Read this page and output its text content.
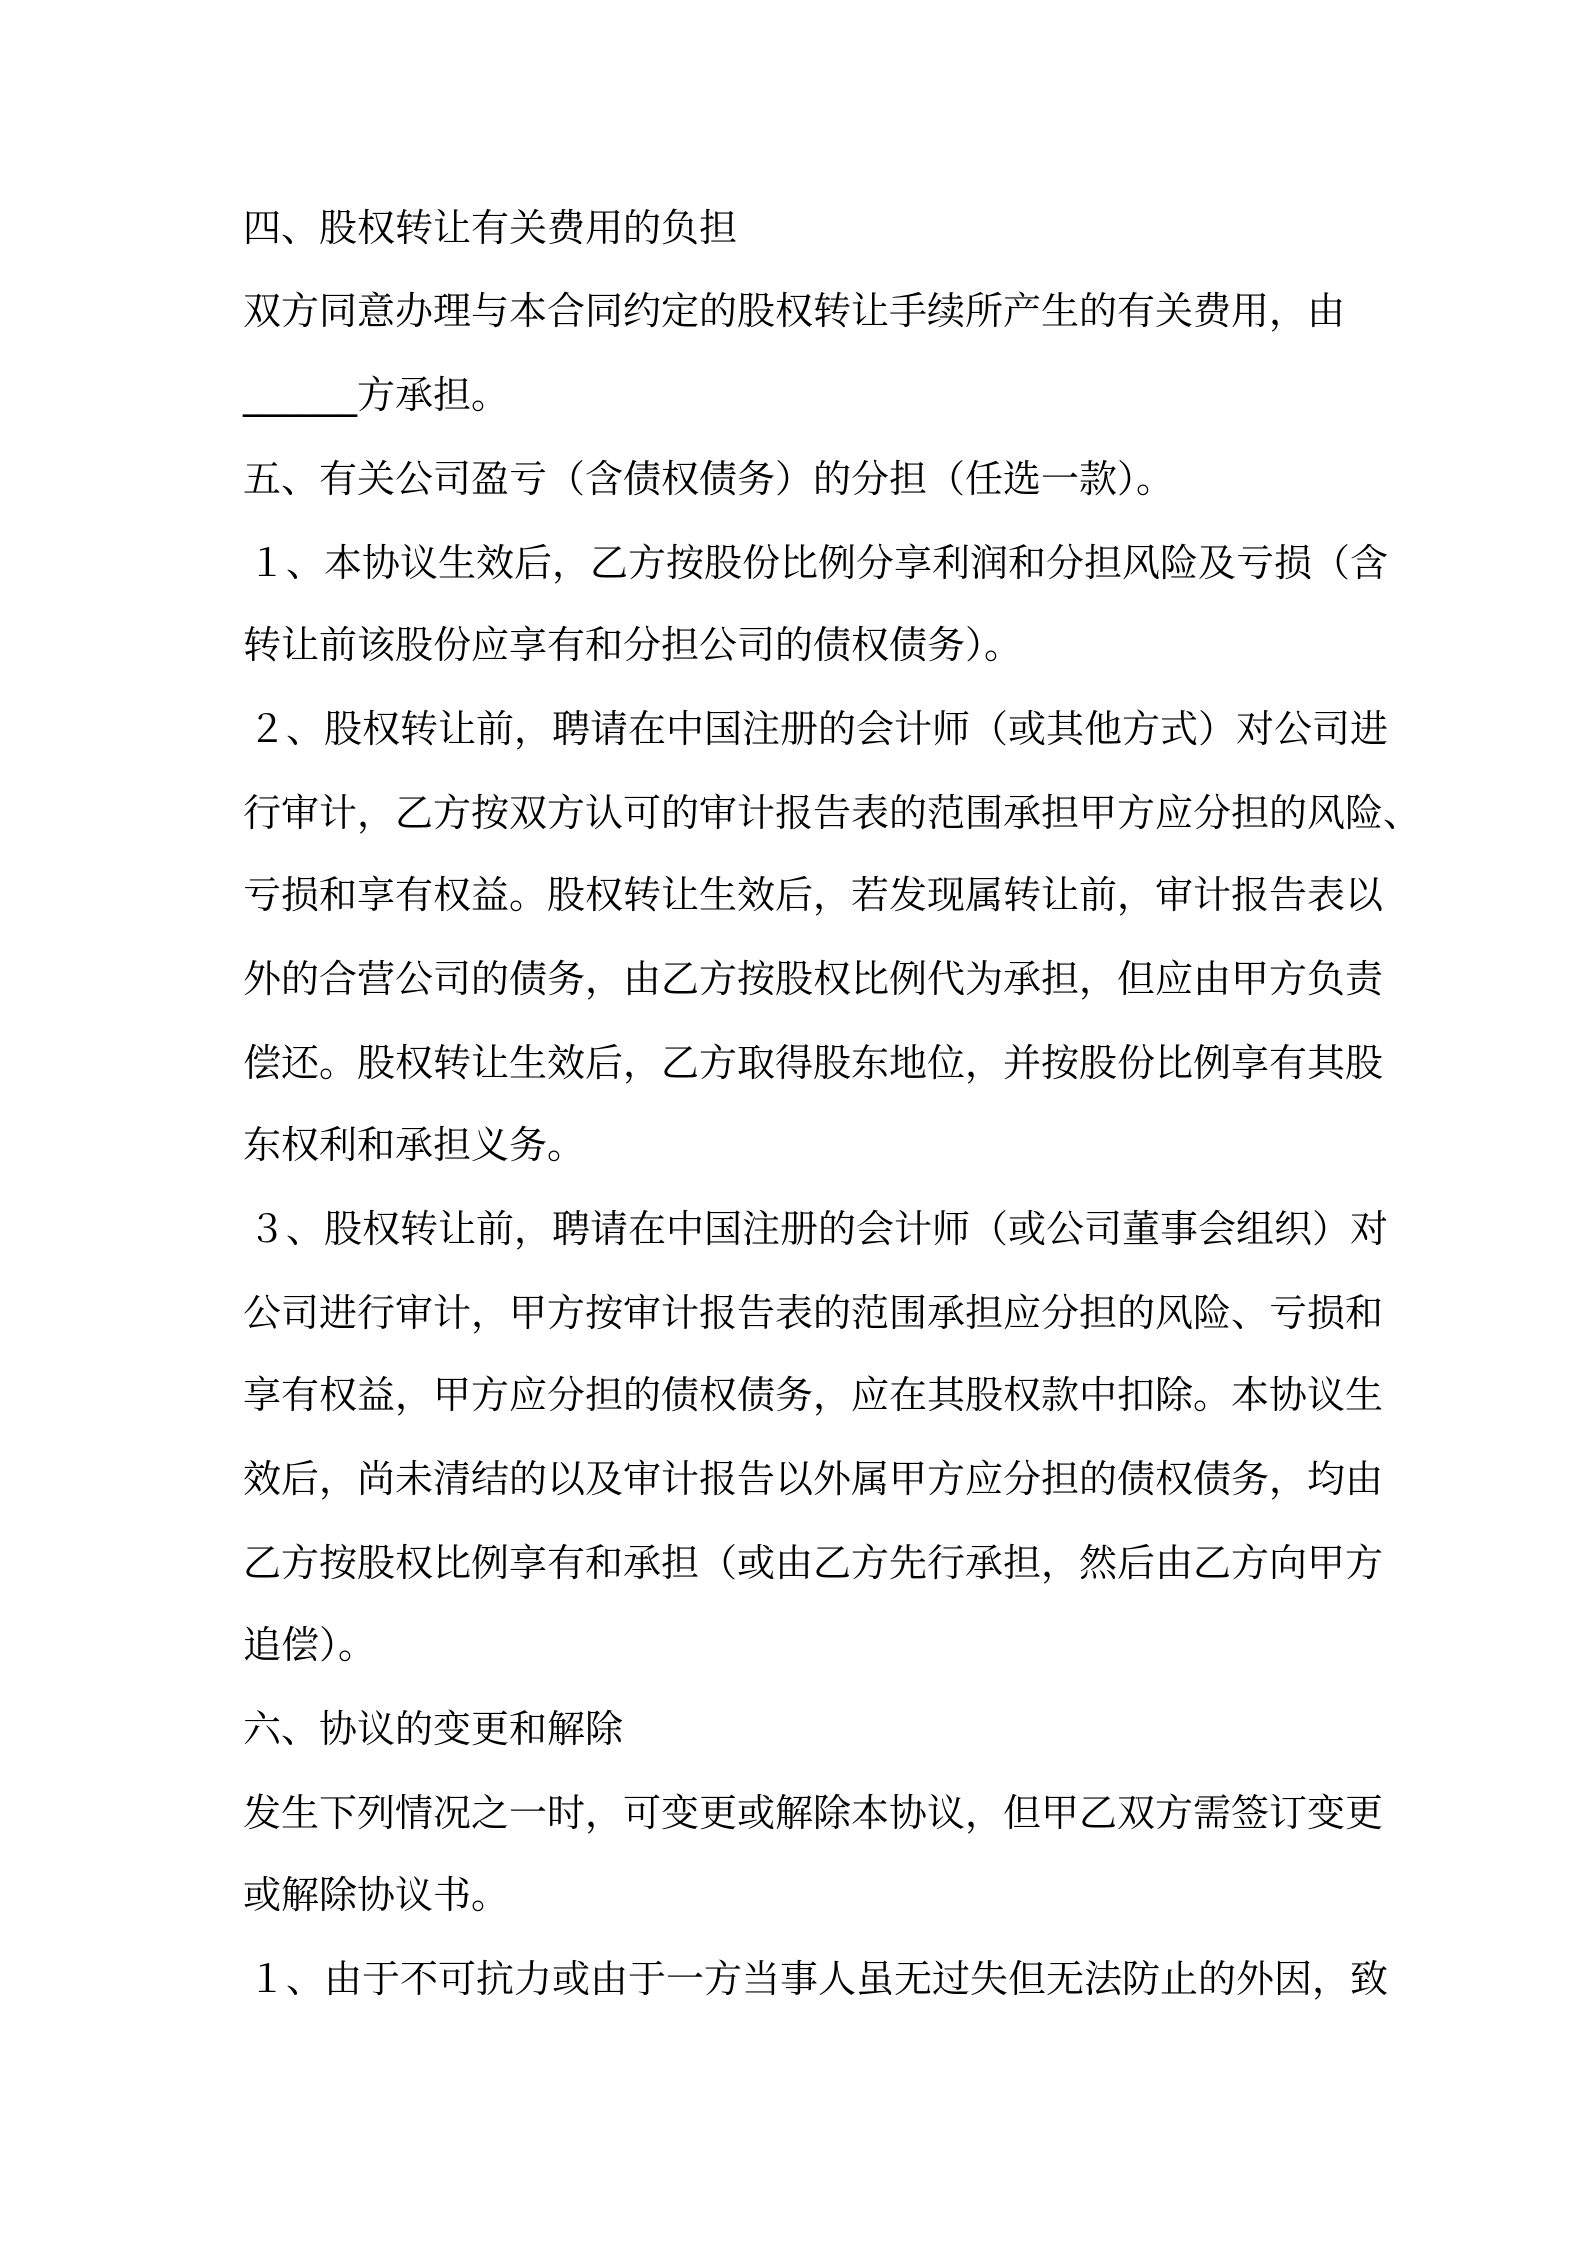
四、股权转让有关费用的负担
双方同意办理与本合同约定的股权转让手续所产生的有关费用，由
______方承担。
五、有关公司盈亏（含债权债务）的分担（任选一款）。
１、本协议生效后，乙方按股份比例分享利润和分担风险及亏损（含
转让前该股份应享有和分担公司的债权债务）。
２、股权转让前，聘请在中国注册的会计师（或其他方式）对公司进
行审计，乙方按双方认可的审计报告表的范围承担甲方应分担的风险、
亏损和享有权益。股权转让生效后，若发现属转让前，审计报告表以
外的合营公司的债务，由乙方按股权比例代为承担，但应由甲方负责
偿还。股权转让生效后，乙方取得股东地位，并按股份比例享有其股
东权利和承担义务。
３、股权转让前，聘请在中国注册的会计师（或公司董事会组织）对
公司进行审计，甲方按审计报告表的范围承担应分担的风险、亏损和
享有权益，甲方应分担的债权债务，应在其股权款中扣除。本协议生
效后，尚未清结的以及审计报告以外属甲方应分担的债权债务，均由
乙方按股权比例享有和承担（或由乙方先行承担，然后由乙方向甲方
追偿）。
六、协议的变更和解除
发生下列情况之一时，可变更或解除本协议，但甲乙双方需签订变更
或解除协议书。
１、由于不可抗力或由于一方当事人虽无过失但无法防止的外因，致
